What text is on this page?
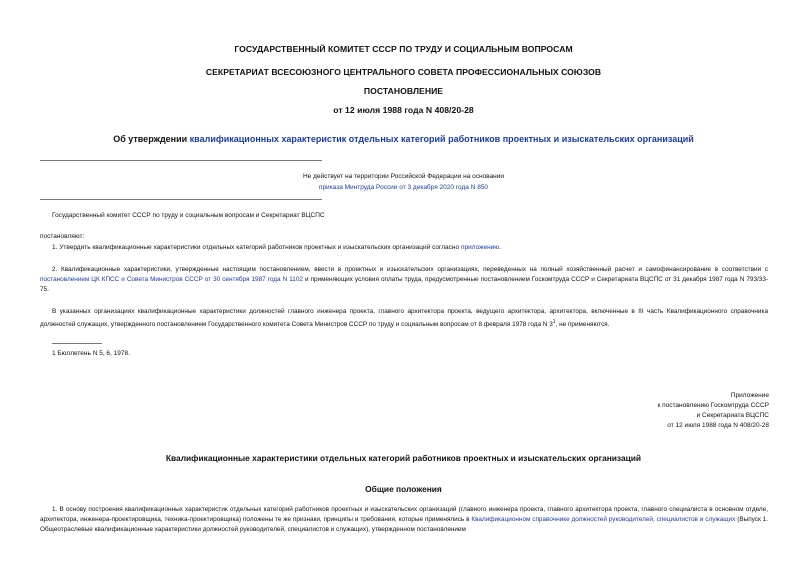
ГОСУДАРСТВЕННЫЙ КОМИТЕТ СССР ПО ТРУДУ И СОЦИАЛЬНЫМ ВОПРОСАМ
СЕКРЕТАРИАТ ВСЕСОЮЗНОГО ЦЕНТРАЛЬНОГО СОВЕТА ПРОФЕССИОНАЛЬНЫХ СОЮЗОВ
ПОСТАНОВЛЕНИЕ
от 12 июля 1988 года N 408/20-28
Об утверждении квалификационных характеристик отдельных категорий работников проектных и изыскательских организаций
Не действует на территории Российской Федерации на основании
приказа Минтруда России от 3 декабря 2020 года N 850
Государственный комитет СССР по труду и социальным вопросам и Секретариат ВЦСПС
постановляют:
1. Утвердить квалификационные характеристики отдельных категорий работников проектных и изыскательских организаций согласно приложению.
2. Квалификационные характеристики, утвержденные настоящим постановлением, ввести в проектных и изыскательских организациях, переведенных на полный хозяйственный расчет и самофинансирование в соответствии с постановлением ЦК КПСС и Совета Министров СССР от 30 сентября 1987 года N 1102 и применяющих условия оплаты труда, предусмотренные постановлением Госкомтруда СССР и Секретариата ВЦСПС от 31 декабря 1987 года N 793/33-75.
В указанных организациях квалификационные характеристики должностей главного инженера проекта, главного архитектора проекта, ведущего архитектора, архитектора, включенные в III часть Квалификационного справочника должностей служащих, утвержденного постановлением Государственного комитета Совета Министров СССР по труду и социальным вопросам от 8 февраля 1978 года N $3^1$, не применяются.
1 Бюллетень N 5, 6, 1978.
Приложение
к постановлению Госкомтруда СССР
и Секретариата ВЦСПС
от 12 июля 1988 года N 408/20-28
Квалификационные характеристики отдельных категорий работников проектных и изыскательских организаций
Общие положения
1. В основу построения квалификационных характеристик отдельных категорий работников проектных и изыскательских организаций (главного инженера проекта, главного архитектора проекта, главного специалиста в основном отделе, архитектора, инженера-проектировщика, техника-проектировщика) положены те же признаки, принципы и требования, которые применялись в Квалификационном справочнике должностей руководителей, специалистов и служащих (Выпуск 1. Общеотраслевые квалификационные характеристики должностей руководителей, специалистов и служащих), утвержденном постановлением
